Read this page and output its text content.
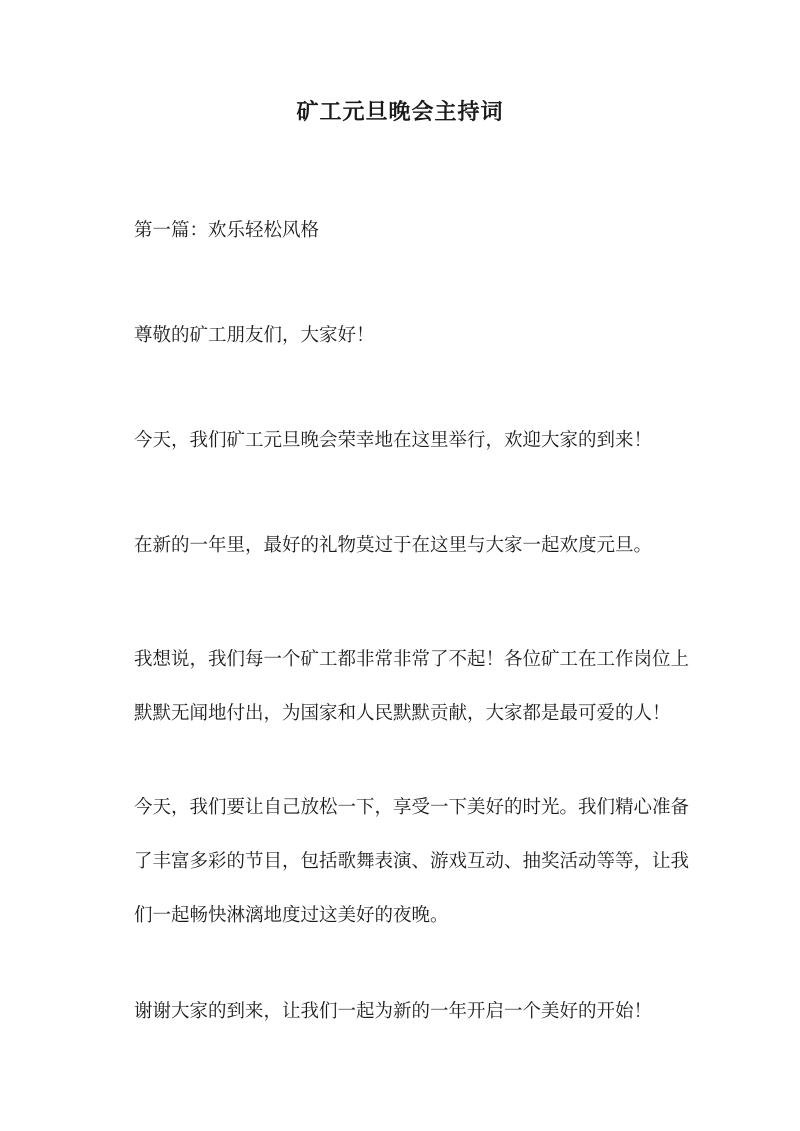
矿工元旦晚会主持词

第一篇：欢乐轻松风格

尊敬的矿工朋友们，大家好！

今天，我们矿工元旦晚会荣幸地在这里举行，欢迎大家的到来！

在新的一年里，最好的礼物莫过于在这里与大家一起欢度元旦。

我想说，我们每一个矿工都非常非常了不起！各位矿工在工作岗位上默默无闻地付出，为国家和人民默默贡献，大家都是最可爱的人！

今天，我们要让自己放松一下，享受一下美好的时光。我们精心准备了丰富多彩的节目，包括歌舞表演、游戏互动、抽奖活动等等，让我们一起畅快淋漓地度过这美好的夜晚。

谢谢大家的到来，让我们一起为新的一年开启一个美好的开始！
